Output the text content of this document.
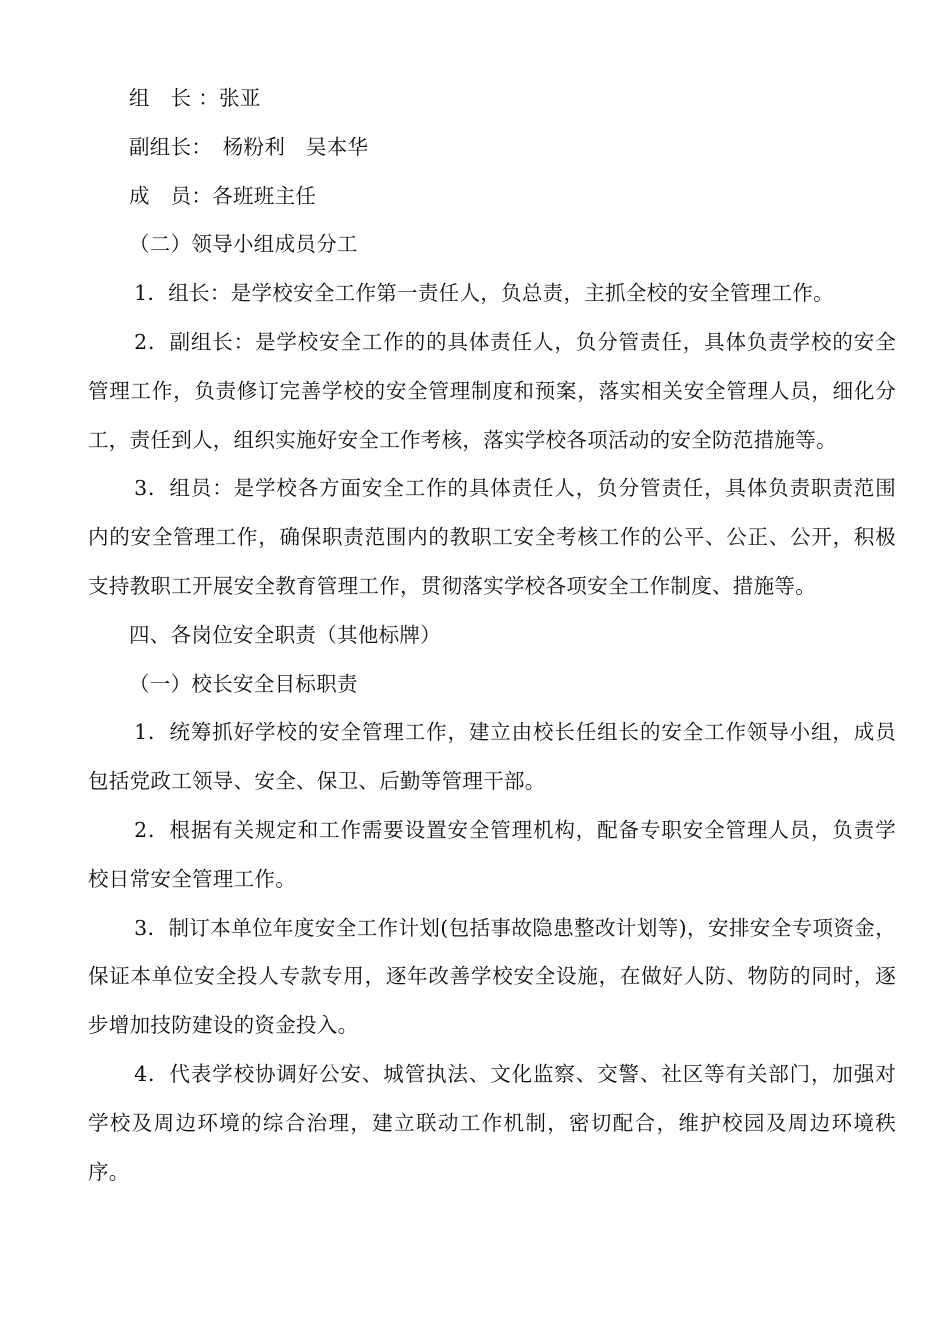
组　长 ：张亚

副组长：　杨粉利　吴本华

成　员：各班班主任

（二）领导小组成员分工

1．组长：是学校安全工作第一责任人，负总责，主抓全校的安全管理工作。

2．副组长：是学校安全工作的的具体责任人，负分管责任，具体负责学校的安全管理工作，负责修订完善学校的安全管理制度和预案，落实相关安全管理人员，细化分工，责任到人，组织实施好安全工作考核，落实学校各项活动的安全防范措施等。

3．组员：是学校各方面安全工作的具体责任人，负分管责任，具体负责职责范围内的安全管理工作，确保职责范围内的教职工安全考核工作的公平、公正、公开，积极支持教职工开展安全教育管理工作，贯彻落实学校各项安全工作制度、措施等。

四、各岗位安全职责（其他标牌）

（一）校长安全目标职责

1．统筹抓好学校的安全管理工作，建立由校长任组长的安全工作领导小组，成员包括党政工领导、安全、保卫、后勤等管理干部。

2．根据有关规定和工作需要设置安全管理机构，配备专职安全管理人员，负责学校日常安全管理工作。

3．制订本单位年度安全工作计划(包括事故隐患整改计划等)，安排安全专项资金，保证本单位安全投人专款专用，逐年改善学校安全设施，在做好人防、物防的同时，逐步增加技防建设的资金投入。

4．代表学校协调好公安、城管执法、文化监察、交警、社区等有关部门，加强对学校及周边环境的综合治理，建立联动工作机制，密切配合，维护校园及周边环境秩序。
